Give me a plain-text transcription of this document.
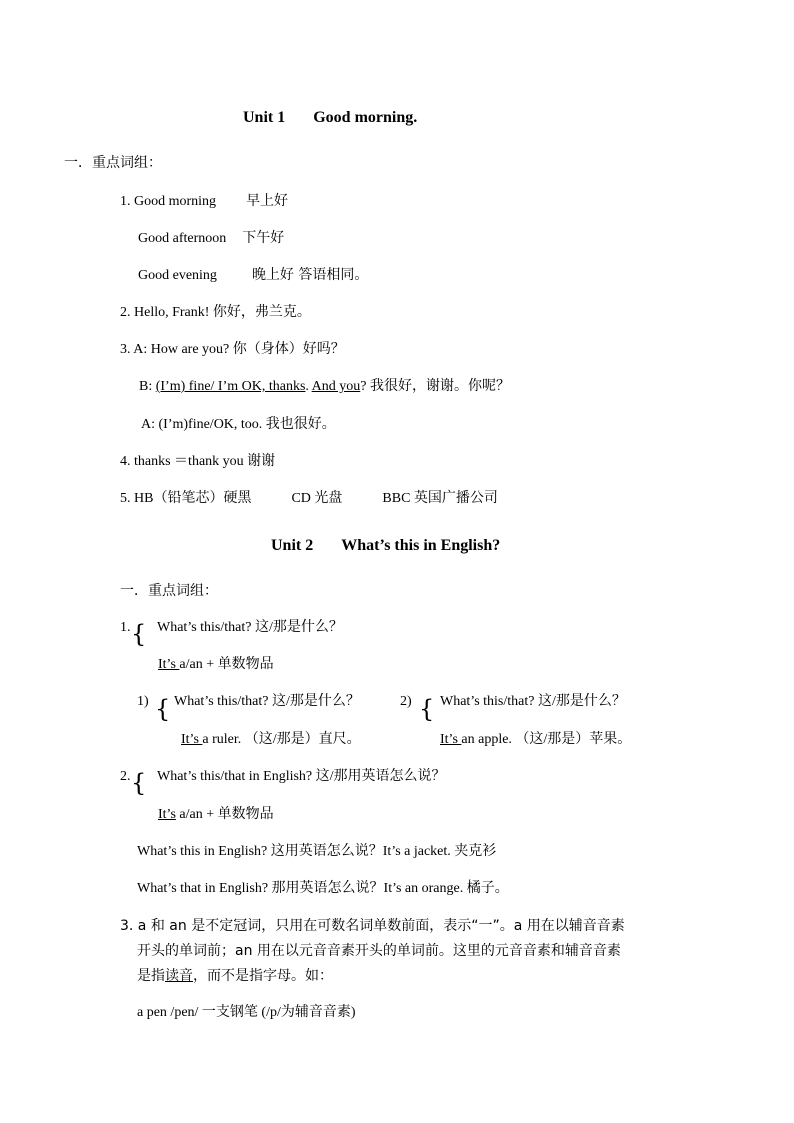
Unit 1 Good morning.
一．重点词组：
1. Good morning 早上好
Good afternoon 下午好
Good evening	晚上好 答语相同。
2. Hello, Frank! 你好，弗兰克。
3. A: How are you? 你（身体）好吗？
B: (I’m) fine/ I’m OK, thanks. And you? 我很好，谢谢。你呢？
A: (I’m)fine/OK, too. 我也很好。
4. thanks ＝thank you 谢谢
5. HB（铅笔芯）硬黑	CD 光盘	BBC 英国广播公司
Unit 2 What’s this in English?
一．重点词组：
1. { What’s this/that? 这/那是什么？
It’s a/an + 单数物品
1) { What’s this/that? 这/那是什么？	2) { What’s this/that? 这/那是什么？
It’s a ruler. （这/那是）直尺。	It’s an apple. （这/那是）苹果。
2. { What’s this/that in English? 这/那用英语怎么说？
It’s a/an + 单数物品
What’s this in English? 这用英语怎么说？It’s a jacket. 夹克衫
What’s that in English? 那用英语怎么说？It’s an orange. 橘子。
3. a 和 an 是不定冠词，只用在可数名词单数前面，表示“一”。a 用在以辅音音素
开头的单词前；an 用在以元音音素开头的单词前。这里的元音音素和辅音音素
是指读音，而不是指字母。如：
a pen /pen/ 一支钢笔 (/p/为辅音音素)
